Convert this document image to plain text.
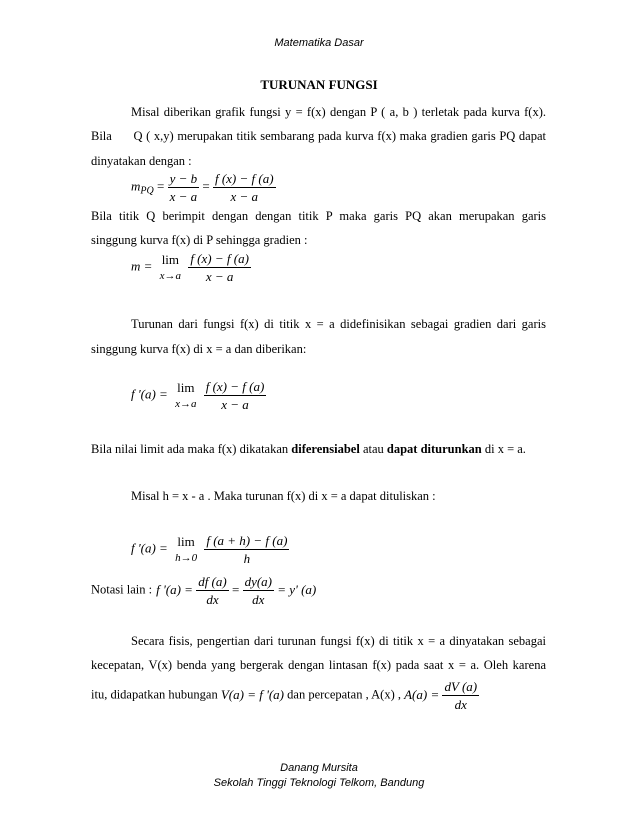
Matematika Dasar
TURUNAN FUNGSI
Misal diberikan grafik fungsi y = f(x) dengan P ( a, b ) terletak pada kurva f(x).
Bila      Q ( x,y) merupakan titik sembarang pada kurva f(x) maka gradien garis PQ dapat
dinyatakan dengan :
$m_{PQ} = \frac{y - b}{x - a} = \frac{f (x) - f (a)}{x - a}$
Bila titik Q berimpit dengan dengan titik P maka garis PQ akan merupakan garis
singgung kurva f(x) di P sehingga gradien :
m = lim
x→a
$\frac{f (x) - f (a)}{x - a}$
Turunan dari fungsi f(x) di titik x = a didefinisikan sebagai gradien dari garis
singgung kurva f(x) di x = a dan diberikan:
f '(a) = lim
x→a
$\frac{f (x) - f (a)}{x - a}$
Bila nilai limit ada maka f(x) dikatakan diferensiabel atau dapat diturunkan di x = a.
Misal h = x - a . Maka turunan f(x) di x = a dapat dituliskan :
f '(a) = lim
h→0
$\frac{f (a + h) - f (a)}{h}$
Notasi lain : f '$(a) = \frac{df (a)}{dx} = \frac{dy(a)}{dx} = y$' (a)
Secara fisis, pengertian dari turunan fungsi f(x) di titik x = a dinyatakan sebagai
kecepatan, V(x) benda yang bergerak dengan lintasan f(x) pada saat x = a. Oleh karena
itu, didapatkan hubungan V(a) = f '(a) dan percepatan , A(x) , $A(a) = \frac{dV (a)}{dx}$
Danang Mursita
Sekolah Tinggi Teknologi Telkom, Bandung
